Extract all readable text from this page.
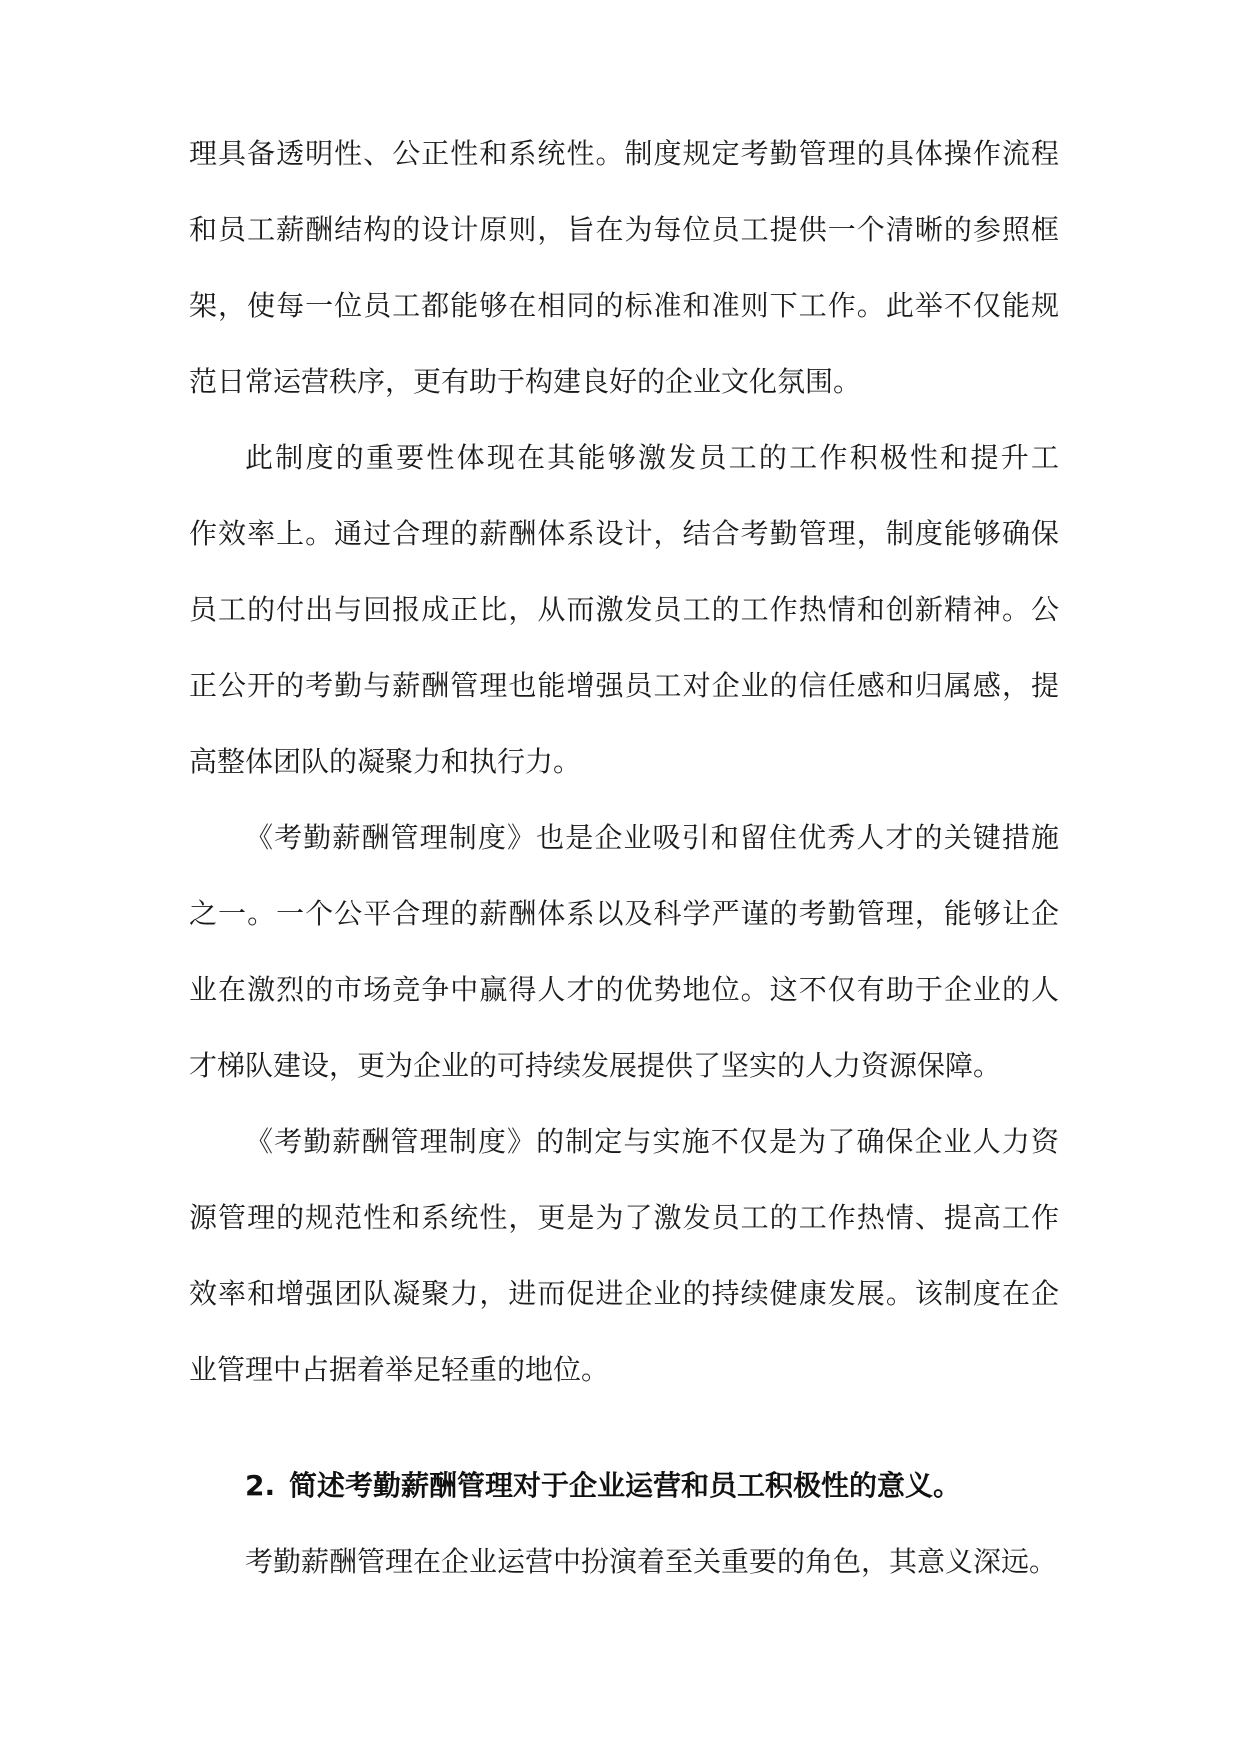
理具备透明性、公正性和系统性。制度规定考勤管理的具体操作流程
和员工薪酬结构的设计原则，旨在为每位员工提供一个清晰的参照框
架，使每一位员工都能够在相同的标准和准则下工作。此举不仅能规
范日常运营秩序，更有助于构建良好的企业文化氛围。
此制度的重要性体现在其能够激发员工的工作积极性和提升工
作效率上。通过合理的薪酬体系设计，结合考勤管理，制度能够确保
员工的付出与回报成正比，从而激发员工的工作热情和创新精神。公
正公开的考勤与薪酬管理也能增强员工对企业的信任感和归属感，提
高整体团队的凝聚力和执行力。
《考勤薪酬管理制度》也是企业吸引和留住优秀人才的关键措施
之一。一个公平合理的薪酬体系以及科学严谨的考勤管理，能够让企
业在激烈的市场竞争中赢得人才的优势地位。这不仅有助于企业的人
才梯队建设，更为企业的可持续发展提供了坚实的人力资源保障。
《考勤薪酬管理制度》的制定与实施不仅是为了确保企业人力资
源管理的规范性和系统性，更是为了激发员工的工作热情、提高工作
效率和增强团队凝聚力，进而促进企业的持续健康发展。该制度在企
业管理中占据着举足轻重的地位。
2. 简述考勤薪酬管理对于企业运营和员工积极性的意义。
考勤薪酬管理在企业运营中扮演着至关重要的角色，其意义深远。
